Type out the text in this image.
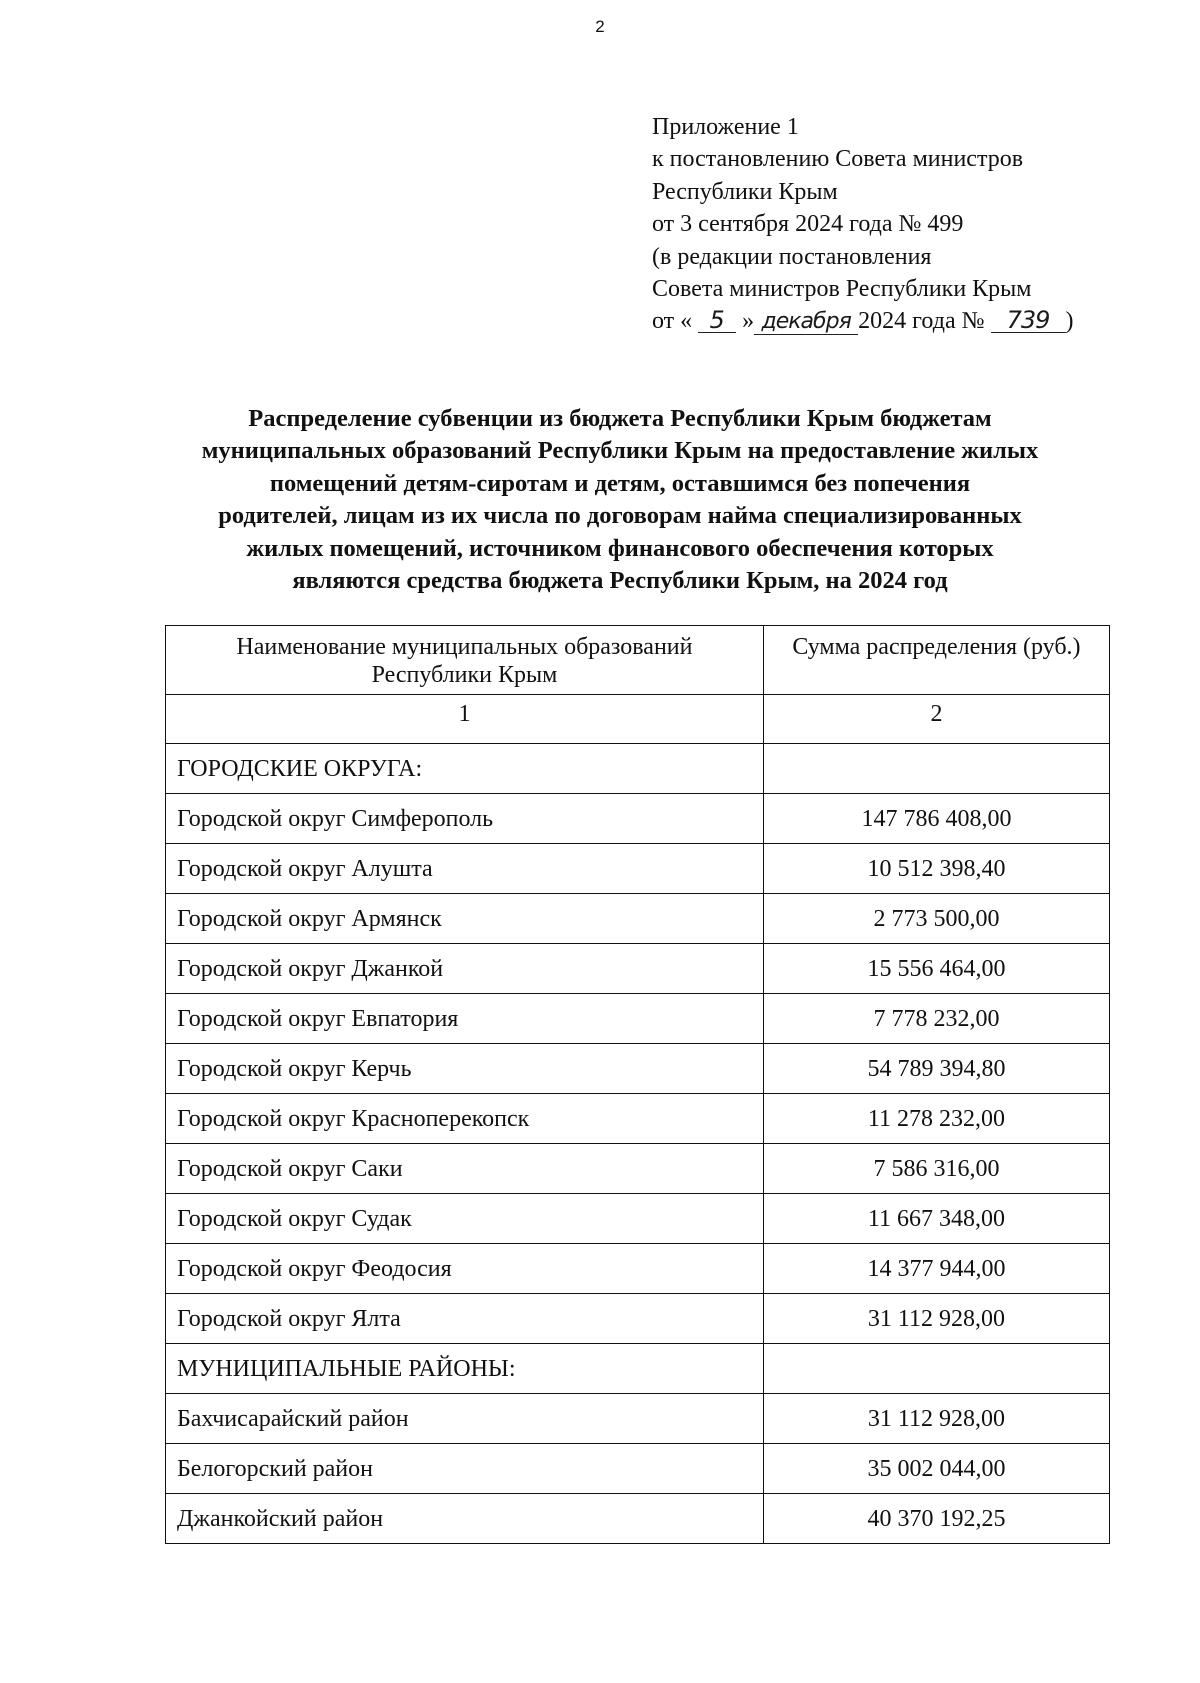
2
Приложение 1
к постановлению Совета министров
Республики Крым
от 3 сентября 2024 года № 499
(в редакции постановления
Совета министров Республики Крым
от « 5 » декабря 2024 года № 739 )
Распределение субвенции из бюджета Республики Крым бюджетам
муниципальных образований Республики Крым на предоставление жилых
помещений детям-сиротам и детям, оставшимся без попечения
родителей, лицам из их числа по договорам найма специализированных
жилых помещений, источником финансового обеспечения которых
являются средства бюджета Республики Крым, на 2024 год
Наименование муниципальных образований Республики Крым	Сумма распределения (руб.)
1	2
ГОРОДСКИЕ ОКРУГА:	
Городской округ Симферополь	147 786 408,00
Городской округ Алушта	10 512 398,40
Городской округ Армянск	2 773 500,00
Городской округ Джанкой	15 556 464,00
Городской округ Евпатория	7 778 232,00
Городской округ Керчь	54 789 394,80
Городской округ Красноперекопск	11 278 232,00
Городской округ Саки	7 586 316,00
Городской округ Судак	11 667 348,00
Городской округ Феодосия	14 377 944,00
Городской округ Ялта	31 112 928,00
МУНИЦИПАЛЬНЫЕ РАЙОНЫ:	
Бахчисарайский район	31 112 928,00
Белогорский район	35 002 044,00
Джанкойский район	40 370 192,25
